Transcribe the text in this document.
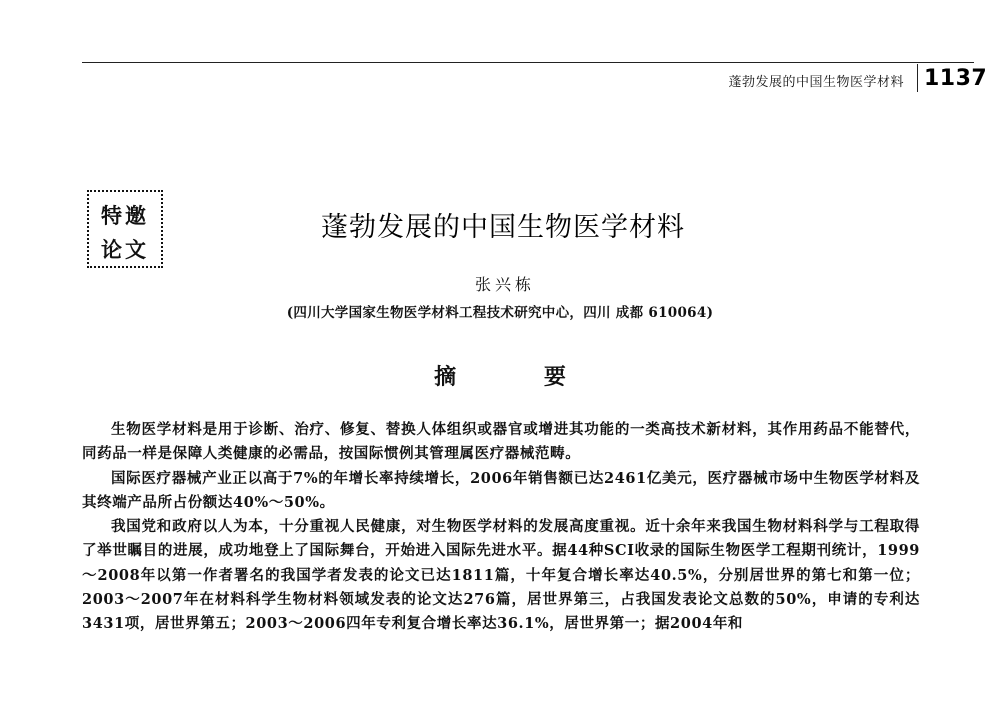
蓬勃发展的中国生物医学材料 1137
特邀
论文
蓬勃发展的中国生物医学材料
张兴栋
(四川大学国家生物医学材料工程技术研究中心，四川 成都 610064)
摘 要

生物医学材料是用于诊断、治疗、修复、替换人体组织或器官或增进其功能的一类高技术新材料，其作用药品不能替代，同药品一样是保障人类健康的必需品，按国际惯例其管理属医疗器械范畴。

国际医疗器械产业正以高于7%的年增长率持续增长，2006年销售额已达2461亿美元，医疗器械市场中生物医学材料及其终端产品所占份额达40%～50%。

我国党和政府以人为本，十分重视人民健康，对生物医学材料的发展高度重视。近十余年来我国生物材料科学与工程取得了举世瞩目的进展，成功地登上了国际舞台，开始进入国际先进水平。据44种SCI收录的国际生物医学工程期刊统计，1999～2008年以第一作者署名的我国学者发表的论文已达1811篇，十年复合增长率达40.5%，分别居世界的第七和第一位；2003～2007年在材料科学生物材料领域发表的论文达276篇，居世界第三，占我国发表论文总数的50%，申请的专利达3431项，居世界第五；2003～2006四年专利复合增长率达36.1%，居世界第一；据2004年和
